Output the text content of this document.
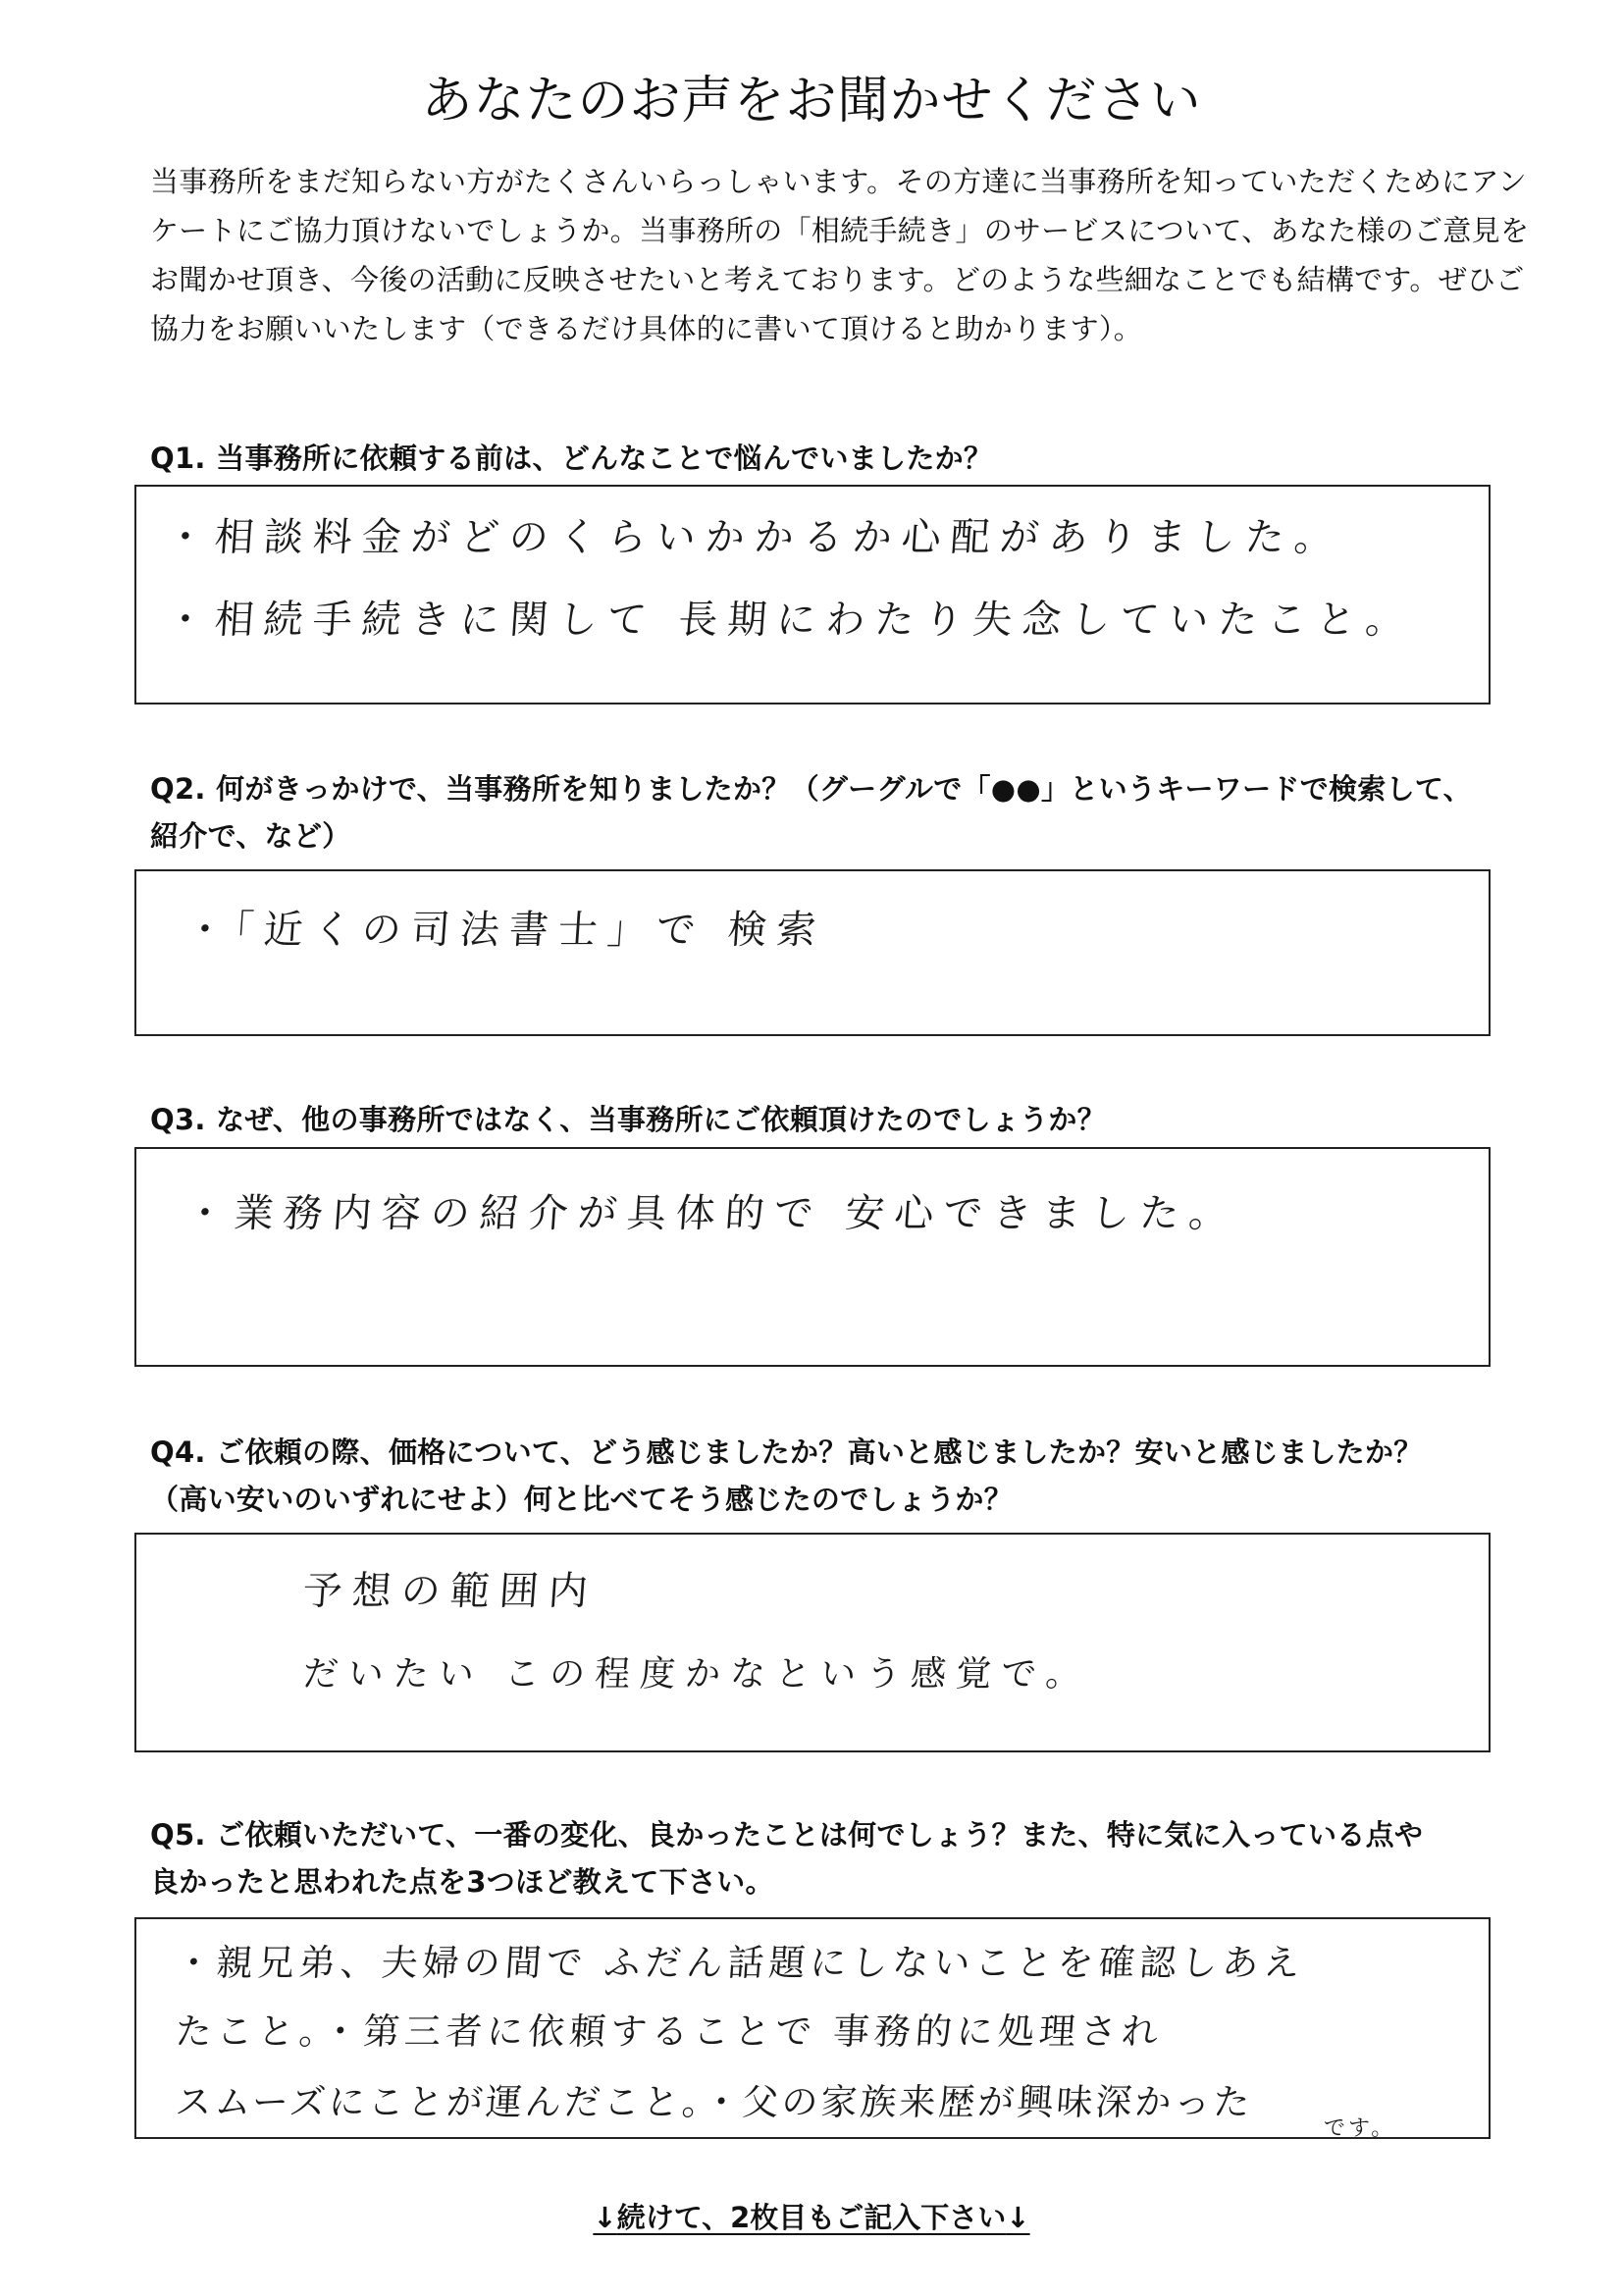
あなたのお声をお聞かせください

当事務所をまだ知らない方がたくさんいらっしゃいます。その方達に当事務所を知っていただくためにアン

ケートにご協力頂けないでしょうか。当事務所の「相続手続き」のサービスについて、あなた様のご意見を

お聞かせ頂き、今後の活動に反映させたいと考えております。どのような些細なことでも結構です。ぜひご

協力をお願いいたします（できるだけ具体的に書いて頂けると助かります）。

Q1. 当事務所に依頼する前は、どんなことで悩んでいましたか？

・相談料金がどのくらいかかるか心配がありました。
・相続手続きに関して 長期にわたり失念していたこと。

Q2. 何がきっかけで、当事務所を知りましたか？（グーグルで「●●」というキーワードで検索して、

紹介で、など）

・「近くの司法書士」で 検索

Q3. なぜ、他の事務所ではなく、当事務所にご依頼頂けたのでしょうか？

・業務内容の紹介が具体的で 安心できました。

Q4. ご依頼の際、価格について、どう感じましたか？高いと感じましたか？安いと感じましたか？

（高い安いのいずれにせよ）何と比べてそう感じたのでしょうか？

予想の範囲内
だいたい この程度かなという感覚で。

Q5. ご依頼いただいて、一番の変化、良かったことは何でしょう？また、特に気に入っている点や

良かったと思われた点を3つほど教えて下さい。

・親兄弟、夫婦の間で ふだん話題にしないことを確認しあえ
たこと。・第三者に依頼することで 事務的に処理され
スムーズにことが運んだこと。・父の家族来歴が興味深かった
です。
↓続けて、2枚目もご記入下さい↓
